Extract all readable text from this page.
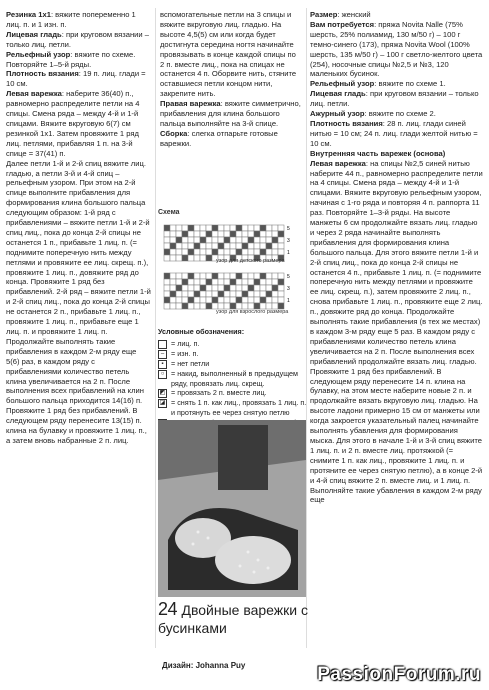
Резинка 1x1: вяжите попеременно 1 лиц. п. и 1 изн. п.

Лицевая гладь: при круговом вязании – только лиц. петли.

Рельефный узор: вяжите по схеме. Повторяйте 1–5-й ряды.

Плотность вязания: 19 п. лиц. глади = 10 см.

Левая варежка: наберите 36(40) п., равномерно распределите петли на 4 спицы. Смена ряда – между 4-й и 1-й спицами. Вяжите вкруговую 6(7) см резинкой 1x1. Затем провяжите 1 ряд лиц. петлями, прибавляя 1 п. на 3-й спице = 37(41) п.

Далее петли 1-й и 2-й спиц вяжите лиц. гладью, а петли 3-й и 4-й спиц – рельефным узором. При этом на 2-й спице выполните прибавления для формирования клина большого пальца следующим образом: 1-й ряд с прибавлениями – вяжите петли 1-й и 2-й спиц лиц., пока до конца 2-й спицы не останется 1 п., прибавьте 1 лиц. п. (= поднимите поперечную нить между петлями и провяжите ее лиц. скрещ. п.), провяжите 1 лиц. п., довяжите ряд до конца. Провяжите 1 ряд без прибавлений. 2-й ряд – вяжите петли 1-й и 2-й спиц лиц., пока до конца 2-й спицы не останется 2 п., прибавьте 1 лиц. п., провяжите 1 лиц. п., прибавьте еще 1 лиц. п. и провяжите 1 лиц. п. Продолжайте выполнять такие прибавления в каждом 2-м ряду еще 5(6) раз, в каждом ряду с прибавлениями количество петель клина увеличивается на 2 п. После выполнения всех прибавлений на клин большого пальца приходится 14(16) п. Провяжите 1 ряд без прибавлений. В следующем ряду перенесите 13(15) п. клина на булавку и провяжите 1 лиц. п., а затем вновь набранные 2 п. лиц.

вспомогательные петли на 3 спицы и вяжите вкруговую лиц. гладью. На высоте 4,5(5) см или когда будет достигнута середина ногтя начинайте провязывать в конце каждой спицы по 2 п. вместе лиц., пока на спицах не останется 4 п. Оборвите нить, стяните оставшиеся петли концом нити, закрепите нить.

Правая варежка: вяжите симметрично, прибавления для клина большого пальца выполняйте на 3-й спице.

Сборка: слегка отпарьте готовые варежки.

Размер: женский

Вам потребуется: пряжа Novita Nalle (75% шерсть, 25% полиамид, 130 м/50 г) – 100 г темно-синего (173), пряжа Novita Wool (100% шерсть, 135 м/50 г) – 100 г светло-желтого цвета (254), носочные спицы №2,5 и №3, 120 маленьких бусинок.

Рельефный узор: вяжите по схеме 1.

Лицевая гладь: при круговом вязании – только лиц. петли.

Ажурный узор: вяжите по схеме 2.

Плотность вязания: 28 п. лиц. глади синей нитью = 10 см; 24 п. лиц. глади желтой нитью = 10 см.

Внутренняя часть варежек (основа)

Левая варежка: на спицы №2,5 синей нитью наберите 44 п., равномерно распределите петли на 4 спицы. Смена ряда – между 4-й и 1-й спицами. Вяжите вкруговую рельефным узором, начиная с 1-го ряда и повторяя 4 п. раппорта 11 раз. Повторяйте 1–3-й ряды. На высоте манжеты 6 см продолжайте вязать лиц. гладью и через 2 ряда начинайте выполнять прибавления для формирования клина большого пальца. Для этого вяжите петли 1-й и 2-й спиц лиц., пока до конца 2-й спицы не останется 4 п., прибавьте 1 лиц. п. (= поднимите поперечную нить между петлями и провяжите ее лиц. скрещ. п.), затем провяжите 2 лиц. п., снова прибавьте 1 лиц. п., провяжите еще 2 лиц. п., довяжите ряд до конца. Продолжайте выполнять такие прибавления (в тех же местах) в каждом 3-м ряду еще 5 раз. В каждом ряду с прибавлениями количество петель клина увеличивается на 2 п. После выполнения всех прибавлений продолжайте вязать лиц. гладью. Провяжите 1 ряд без прибавлений. В следующем ряду перенесите 14 п. клина на булавку, на этом месте наберите новые 2 п. и продолжайте вязать вкруговую лиц. гладью. На высоте ладони примерно 15 см от манжеты или когда закроется указательный палец начинайте выполнять убавления для формирования мыска. Для этого в начале 1-й и 3-й спиц вяжите 1 лиц. п. и 2 п. вместе лиц. протяжкой (= снимите 1 п. как лиц., провяжите 1 лиц. п. и протяните ее через снятую петлю), а в конце 2-й и 4-й спиц вяжите 2 п. вместе лиц. и 1 лиц. п. Выполняйте такие убавления в каждом 2-м ряду еще

Схема
5
3
1
5
3
1
узор для детского размера
узор для взрослого размера
Условные обозначения:
= лиц. п.
– = изн. п.
▪	= нет петли
○ = накид, выполненный в предыдущем ряду, провязать лиц. скрещ.
◩ = провязать 2 п. вместе лиц.
◪ = снять 1 п. как лиц., провязать 1 лиц. п. и протянуть ее через снятую петлю
24 Двойные варежки с бусинками
Дизайн: Johanna Puy	PassionForum.ru
